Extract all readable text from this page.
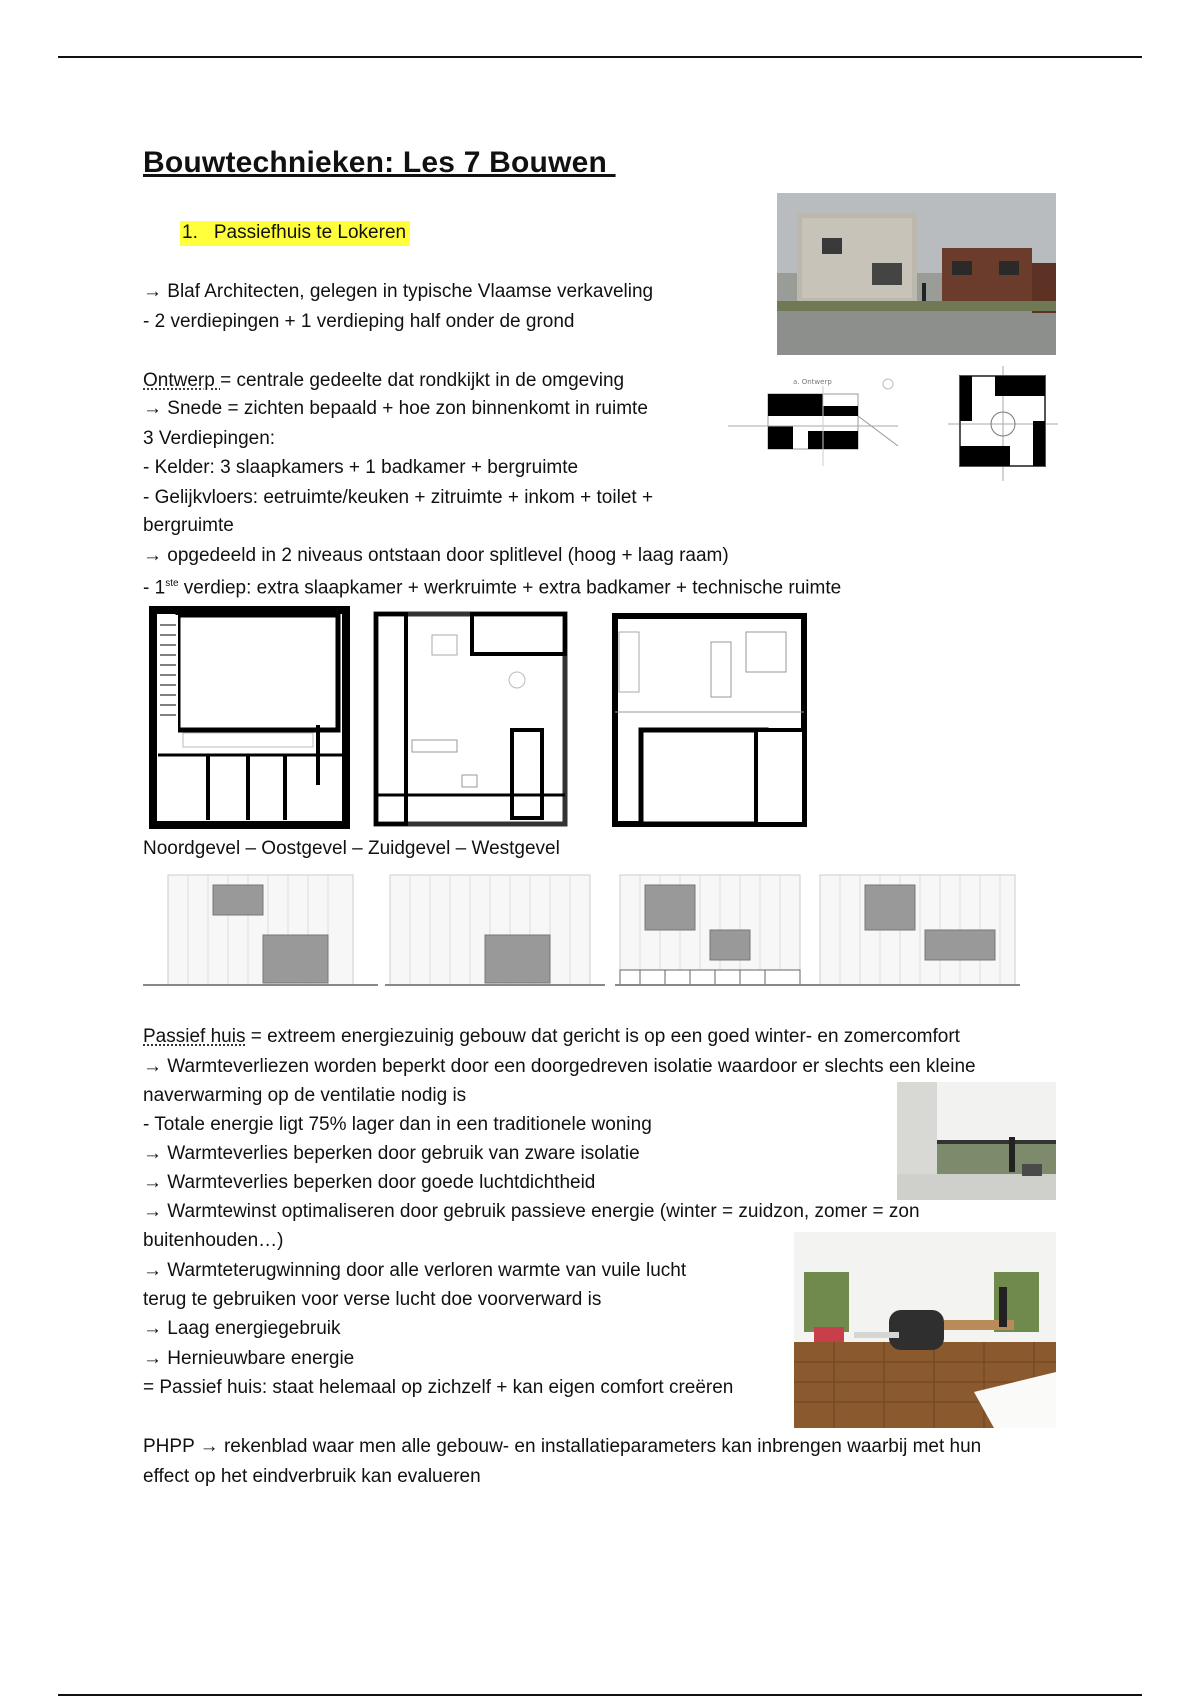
Bouwtechnieken: Les 7 Bouwen
1. Passiefhuis te Lokeren
→ Blaf Architecten, gelegen in typische Vlaamse verkaveling
- 2 verdiepingen + 1 verdieping half onder de grond
Ontwerp = centrale gedeelte dat rondkijkt in de omgeving
→ Snede = zichten bepaald + hoe zon binnenkomt in ruimte
3 Verdiepingen:
- Kelder: 3 slaapkamers + 1 badkamer + bergruimte
- Gelijkvloers: eetruimte/keuken + zitruimte + inkom + toilet +
bergruimte
→ opgedeeld in 2 niveaus ontstaan door splitlevel (hoog + laag raam)
- 1ste verdiep: extra slaapkamer + werkruimte + extra badkamer + technische ruimte
a. Ontwerp
Noordgevel – Oostgevel – Zuidgevel – Westgevel
Passief huis = extreem energiezuinig gebouw dat gericht is op een goed winter- en zomercomfort
→ Warmteverliezen worden beperkt door een doorgedreven isolatie waardoor er slechts een kleine
naverwarming op de ventilatie nodig is
- Totale energie ligt 75% lager dan in een traditionele woning
→ Warmteverlies beperken door gebruik van zware isolatie
→ Warmteverlies beperken door goede luchtdichtheid
→ Warmtewinst optimaliseren door gebruik passieve energie (winter = zuidzon, zomer = zon
buitenhouden…)
→ Warmteterugwinning door alle verloren warmte van vuile lucht
terug te gebruiken voor verse lucht doe voorverward is
→ Laag energiegebruik
→ Hernieuwbare energie
= Passief huis: staat helemaal op zichzelf + kan eigen comfort creëren
PHPP → rekenblad waar men alle gebouw- en installatieparameters kan inbrengen waarbij met hun
effect op het eindverbruik kan evalueren
